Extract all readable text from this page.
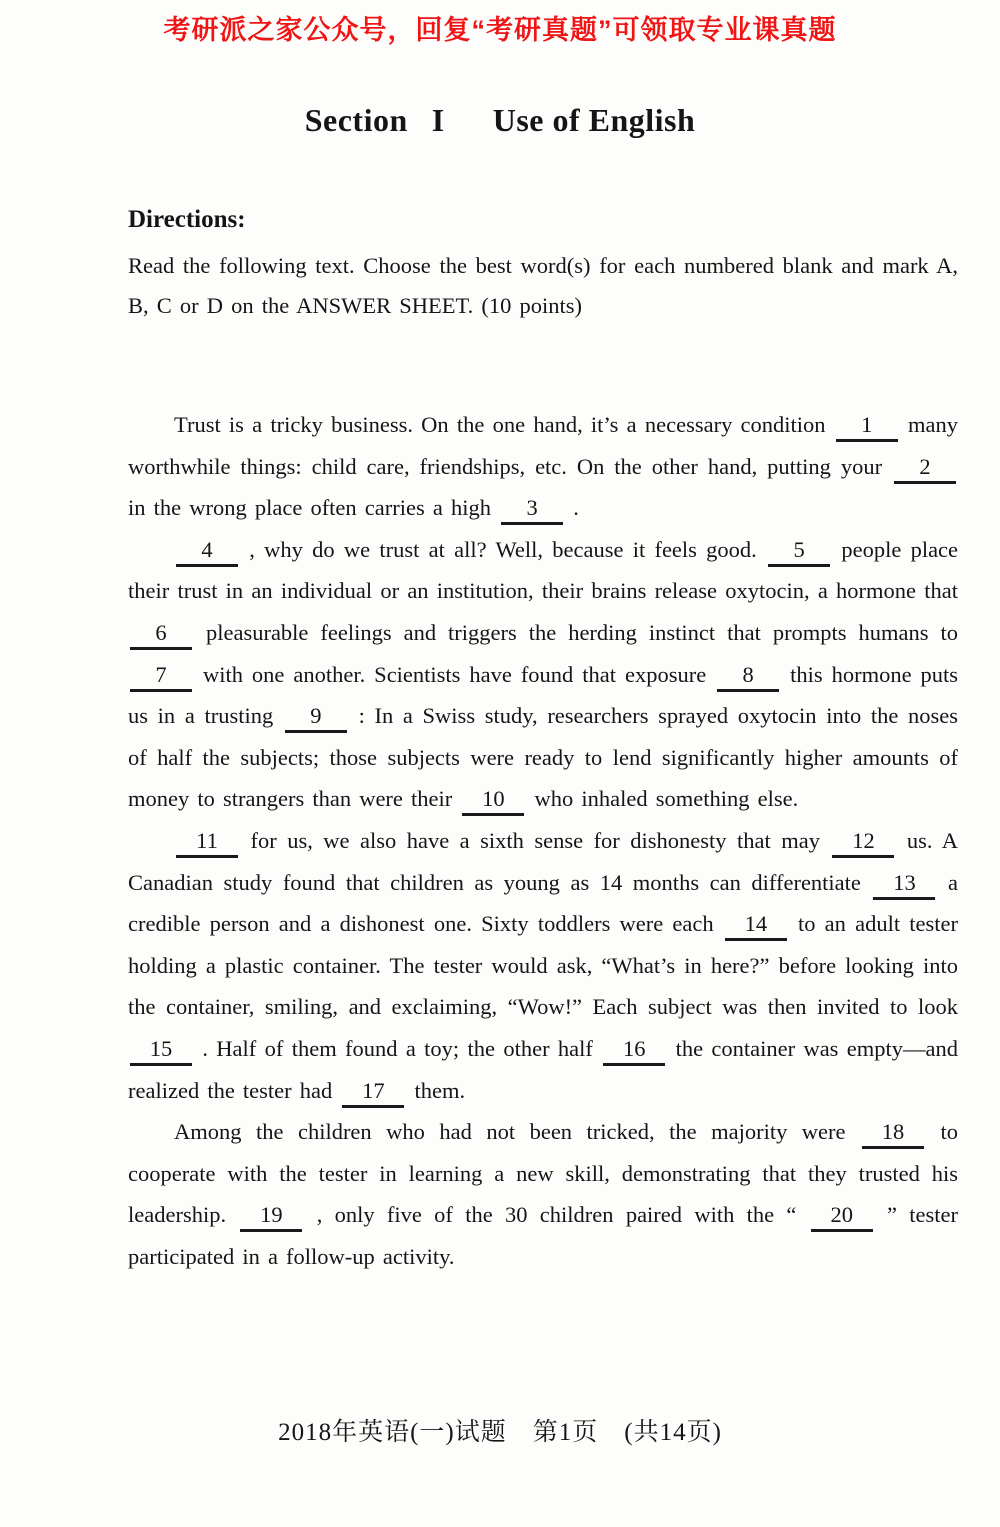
考研派之家公众号，回复“考研真题”可领取专业课真题
Section I Use of English
Directions:

Read the following text. Choose the best word(s) for each numbered blank and mark A, B, C or D on the ANSWER SHEET. (10 points)

Trust is a tricky business. On the one hand, it’s a necessary condition 1 many worthwhile things: child care, friendships, etc. On the other hand, putting your 2 in the wrong place often carries a high 3 .

4 , why do we trust at all? Well, because it feels good. 5 people place their trust in an individual or an institution, their brains release oxytocin, a hormone that 6 pleasurable feelings and triggers the herding instinct that prompts humans to 7 with one another. Scientists have found that exposure 8 this hormone puts us in a trusting 9 : In a Swiss study, researchers sprayed oxytocin into the noses of half the subjects; those subjects were ready to lend significantly higher amounts of money to strangers than were their 10 who inhaled something else.

11 for us, we also have a sixth sense for dishonesty that may 12 us. A Canadian study found that children as young as 14 months can differentiate 13 a credible person and a dishonest one. Sixty toddlers were each 14 to an adult tester holding a plastic container. The tester would ask, “What’s in here?” before looking into the container, smiling, and exclaiming, “Wow!” Each subject was then invited to look 15 . Half of them found a toy; the other half 16 the container was empty—and realized the tester had 17 them.

Among the children who had not been tricked, the majority were 18 to cooperate with the tester in learning a new skill, demonstrating that they trusted his leadership. 19 , only five of the 30 children paired with the “ 20 ” tester participated in a follow-up activity.

2018年英语(一)试题　第1页　(共14页)
